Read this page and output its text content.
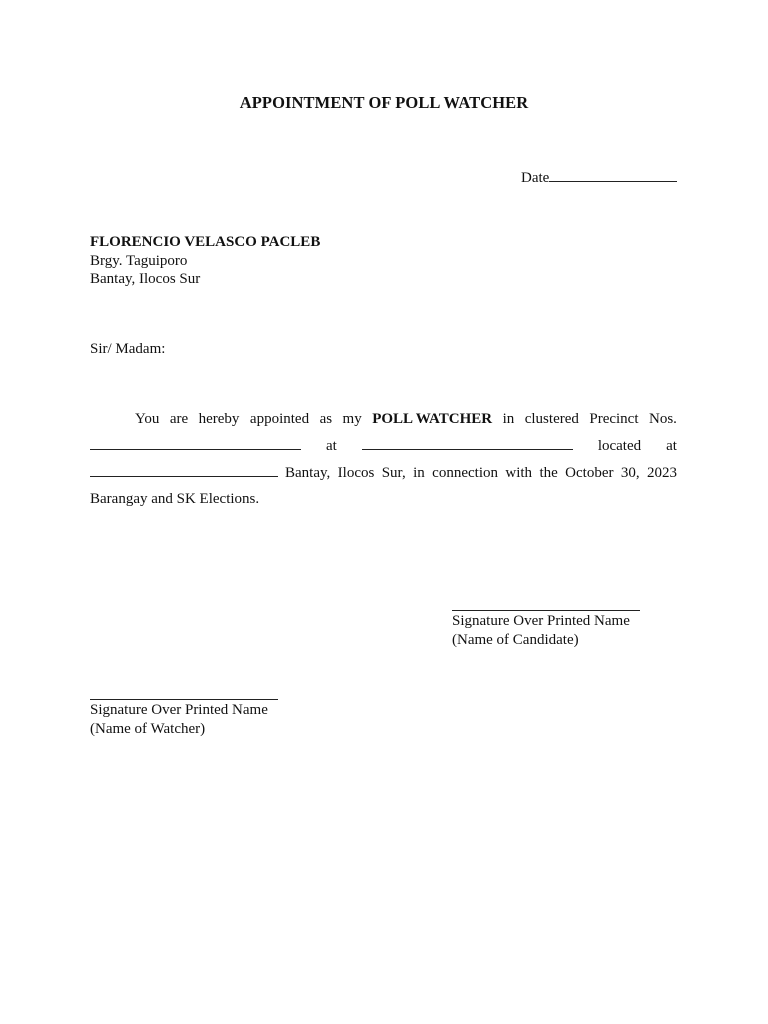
APPOINTMENT OF POLL WATCHER
Date
FLORENCIO VELASCO PACLEB
Brgy. Taguiporo
Bantay, Ilocos Sur
Sir/ Madam:
You are hereby appointed as my POLL WATCHER in clustered Precinct Nos.
at	located at
Bantay, Ilocos Sur, in connection with the October 30, 2023
Barangay and SK Elections.
Signature Over Printed Name
(Name of Candidate)
Signature Over Printed Name
(Name of Watcher)
